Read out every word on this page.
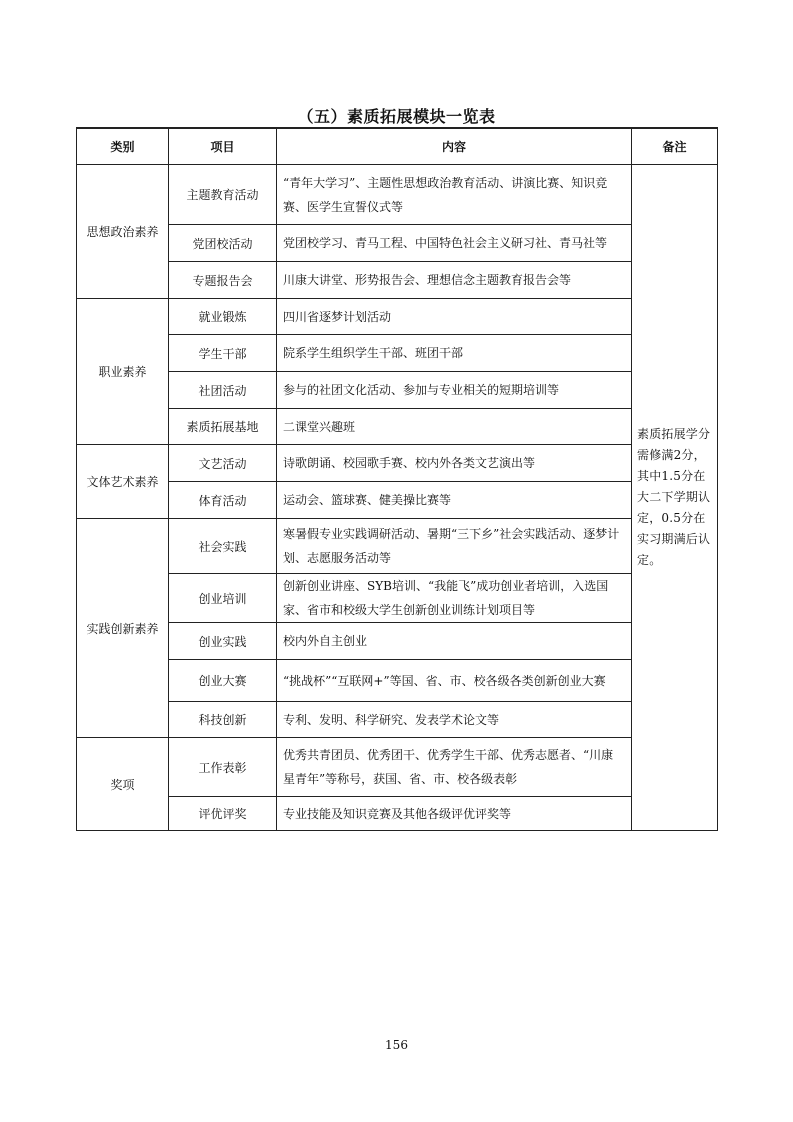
（五）素质拓展模块一览表
类别	项目	内容	备注
思想政治素养	主题教育活动	“青年大学习”、主题性思想政治教育活动、讲演比赛、知识竞赛、医学生宣誓仪式等	素质拓展学分需修满2分，其中1.5分在大二下学期认定，0.5分在实习期满后认定。
	党团校活动	党团校学习、青马工程、中国特色社会主义研习社、青马社等	
	专题报告会	川康大讲堂、形势报告会、理想信念主题教育报告会等	
职业素养	就业锻炼	四川省逐梦计划活动	
	学生干部	院系学生组织学生干部、班团干部	
	社团活动	参与的社团文化活动、参加与专业相关的短期培训等	
	素质拓展基地	二课堂兴趣班	
文体艺术素养	文艺活动	诗歌朗诵、校园歌手赛、校内外各类文艺演出等	
	体育活动	运动会、篮球赛、健美操比赛等	
实践创新素养	社会实践	寒暑假专业实践调研活动、暑期“三下乡”社会实践活动、逐梦计划、志愿服务活动等	
	创业培训	创新创业讲座、SYB培训、“我能飞”成功创业者培训，入选国家、省市和校级大学生创新创业训练计划项目等	
	创业实践	校内外自主创业	
	创业大赛	“挑战杯”“互联网+”等国、省、市、校各级各类创新创业大赛	
	科技创新	专利、发明、科学研究、发表学术论文等	
奖项	工作表彰	优秀共青团员、优秀团干、优秀学生干部、优秀志愿者、“川康星青年”等称号，获国、省、市、校各级表彰	
	评优评奖	专业技能及知识竞赛及其他各级评优评奖等	
156
